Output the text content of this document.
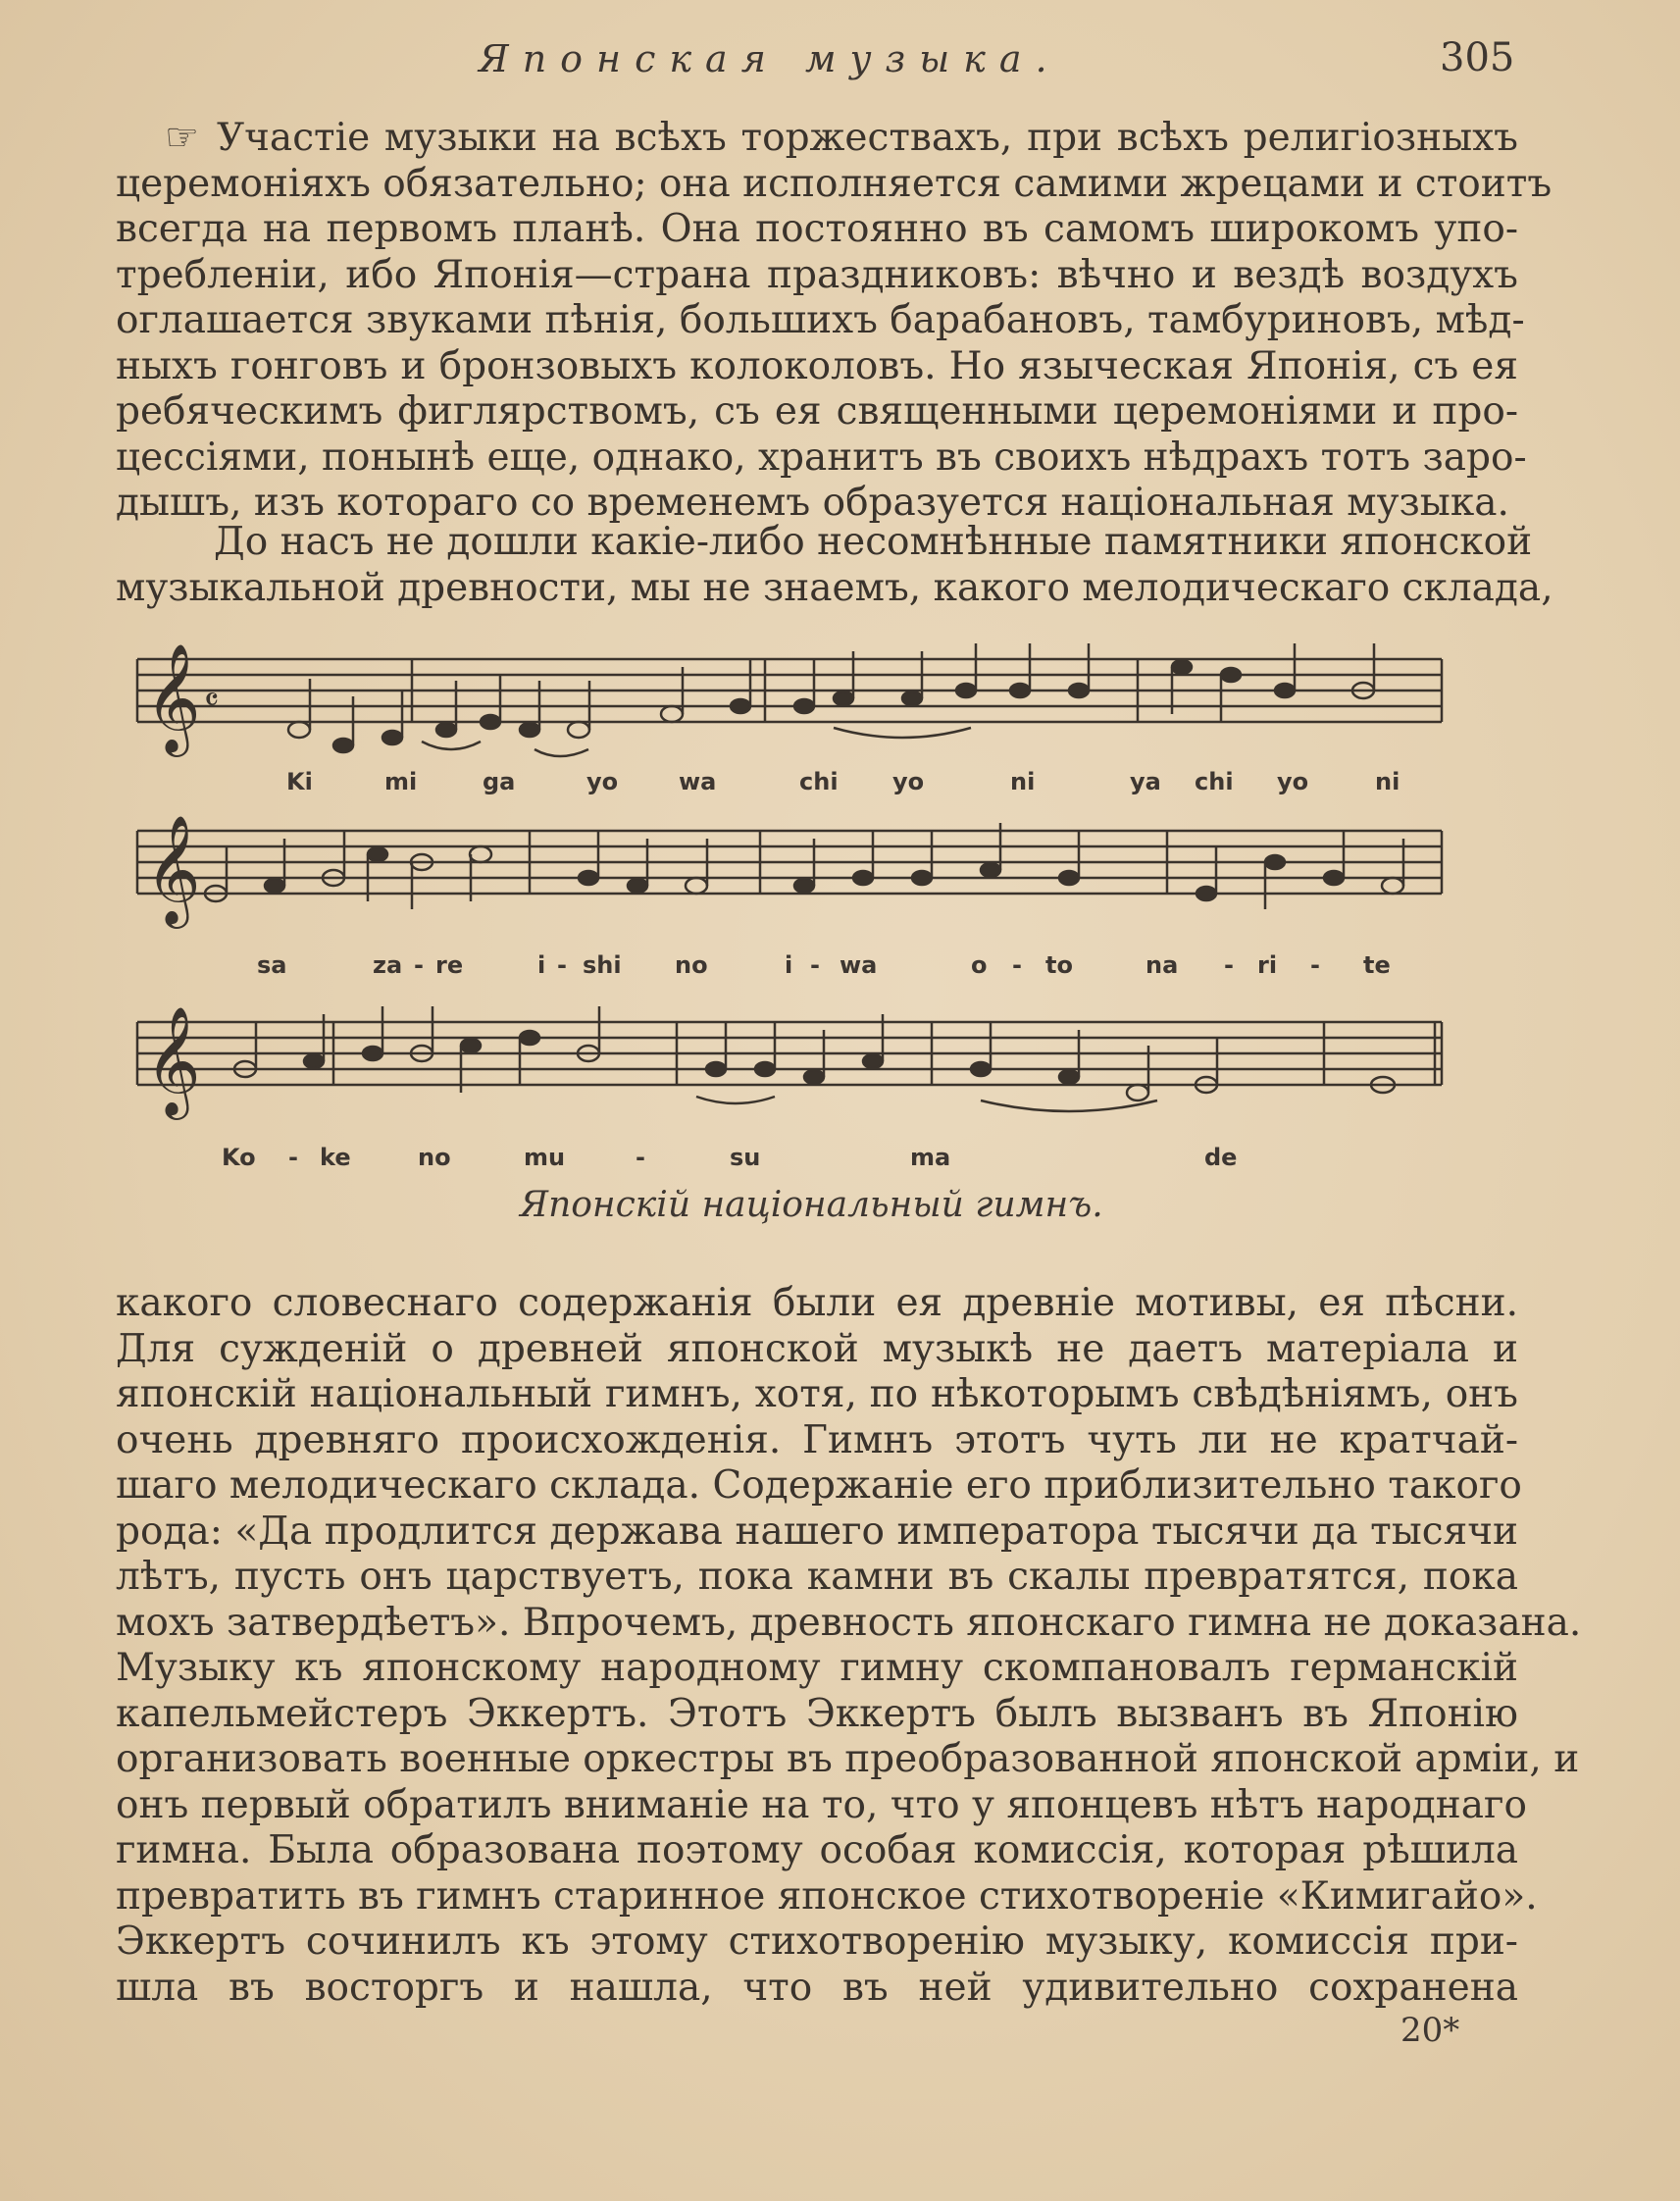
Японская музыка.	305
☞ Участіе музыки на всѣхъ торжествахъ, при всѣхъ религіозныхъ
церемоніяхъ обязательно; она исполняется самими жрецами и стоитъ
всегда на первомъ планѣ. Она постоянно въ самомъ широкомъ упо-
требленіи, ибо Японія—страна праздниковъ: вѣчно и вездѣ воздухъ
оглашается звуками пѣнія, большихъ барабановъ, тамбуриновъ, мѣд-
ныхъ гонговъ и бронзовыхъ колоколовъ. Но языческая Японія, съ ея
ребяческимъ фиглярствомъ, съ ея священными церемоніями и про-
цессіями, понынѣ еще, однако, хранитъ въ своихъ нѣдрахъ тотъ заро-
дышъ, изъ котораго со временемъ образуется національная музыка.
До насъ не дошли какіе-либо несомнѣнные памятники японской
музыкальной древности, мы не знаемъ, какого мелодическаго склада,
𝄞
𝄞
𝄞
𝄴
Ki	mi	ga	yo	wa	chi yo	ni	ya chi yo	ni
sa	za - re	i - shi no	i - wa	o - to	na - ri - te
Ko - ke	no	mu	-	su	ma	de
Японскій національный гимнъ.
какого словеснаго содержанія были ея древніе мотивы, ея пѣсни.
Для сужденій о древней японской музыкѣ не даетъ матеріала и
японскій національный гимнъ, хотя, по нѣкоторымъ свѣдѣніямъ, онъ
очень древняго происхожденія. Гимнъ этотъ чуть ли не кратчай-
шаго мелодическаго склада. Содержаніе его приблизительно такого
рода: «Да продлится держава нашего императора тысячи да тысячи
лѣтъ, пусть онъ царствуетъ, пока камни въ скалы превратятся, пока
мохъ затвердѣетъ». Впрочемъ, древность японскаго гимна не доказана.
Музыку къ японскому народному гимну скомпановалъ германскій
капельмейстеръ Эккертъ. Этотъ Эккертъ былъ вызванъ въ Японію
организовать военные оркестры въ преобразованной японской арміи, и
онъ первый обратилъ вниманіе на то, что у японцевъ нѣтъ народнаго
гимна. Была образована поэтому особая комиссія, которая рѣшила
превратить въ гимнъ старинное японское стихотвореніе «Кимигайо».
Эккертъ сочинилъ къ этому стихотворенію музыку, комиссія при-
шла въ восторгъ и нашла, что въ ней удивительно сохранена
20*
